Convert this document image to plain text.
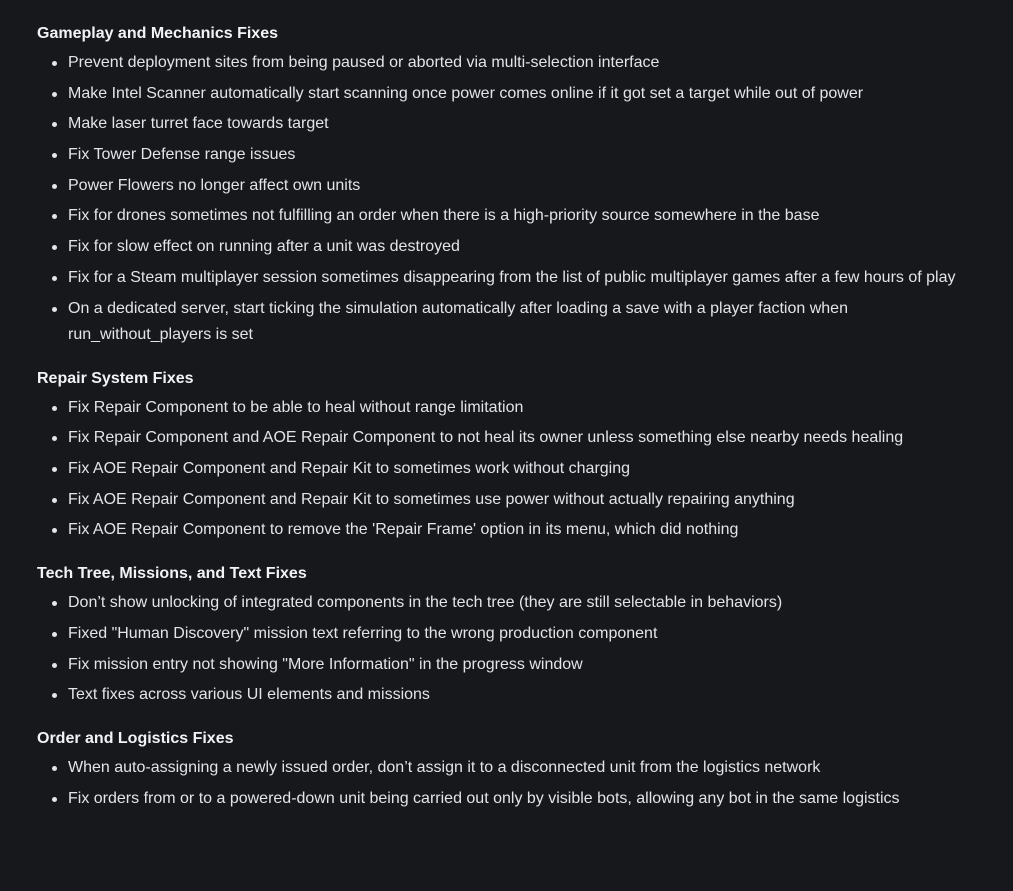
Gameplay and Mechanics Fixes
Prevent deployment sites from being paused or aborted via multi-selection interface
Make Intel Scanner automatically start scanning once power comes online if it got set a target while out of power
Make laser turret face towards target
Fix Tower Defense range issues
Power Flowers no longer affect own units
Fix for drones sometimes not fulfilling an order when there is a high-priority source somewhere in the base
Fix for slow effect on running after a unit was destroyed
Fix for a Steam multiplayer session sometimes disappearing from the list of public multiplayer games after a few hours of play
On a dedicated server, start ticking the simulation automatically after loading a save with a player faction when run_without_players is set
Repair System Fixes
Fix Repair Component to be able to heal without range limitation
Fix Repair Component and AOE Repair Component to not heal its owner unless something else nearby needs healing
Fix AOE Repair Component and Repair Kit to sometimes work without charging
Fix AOE Repair Component and Repair Kit to sometimes use power without actually repairing anything
Fix AOE Repair Component to remove the 'Repair Frame' option in its menu, which did nothing
Tech Tree, Missions, and Text Fixes
Don’t show unlocking of integrated components in the tech tree (they are still selectable in behaviors)
Fixed "Human Discovery" mission text referring to the wrong production component
Fix mission entry not showing "More Information" in the progress window
Text fixes across various UI elements and missions
Order and Logistics Fixes
When auto-assigning a newly issued order, don’t assign it to a disconnected unit from the logistics network
Fix orders from or to a powered-down unit being carried out only by visible bots, allowing any bot in the same logistics
